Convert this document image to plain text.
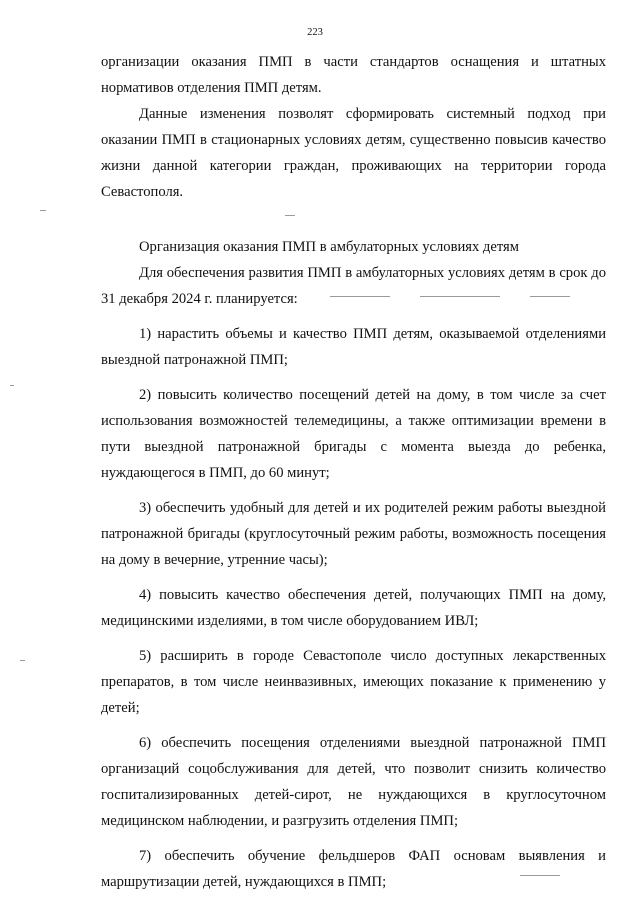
223

организации оказания ПМП в части стандартов оснащения и штатных нормативов отделения ПМП детям.

Данные изменения позволят сформировать системный подход при оказании ПМП в стационарных условиях детям, существенно повысив качество жизни данной категории граждан, проживающих на территории города Севастополя.

Организация оказания ПМП в амбулаторных условиях детям

Для обеспечения развития ПМП в амбулаторных условиях детям в срок до 31 декабря 2024 г. планируется:

1) нарастить объемы и качество ПМП детям, оказываемой отделениями выездной патронажной ПМП;

2) повысить количество посещений детей на дому, в том числе за счет использования возможностей телемедицины, а также оптимизации времени в пути выездной патронажной бригады с момента выезда до ребенка, нуждающегося в ПМП, до 60 минут;

3) обеспечить удобный для детей и их родителей режим работы выездной патронажной бригады (круглосуточный режим работы, возможность посещения на дому в вечерние, утренние часы);

4) повысить качество обеспечения детей, получающих ПМП на дому, медицинскими изделиями, в том числе оборудованием ИВЛ;

5) расширить в городе Севастополе число доступных лекарственных препаратов, в том числе неинвазивных, имеющих показание к применению у детей;

6) обеспечить посещения отделениями выездной патронажной ПМП организаций соцобслуживания для детей, что позволит снизить количество госпитализированных детей-сирот, не нуждающихся в круглосуточном медицинском наблюдении, и разгрузить отделения ПМП;

7) обеспечить обучение фельдшеров ФАП основам выявления и маршрутизации детей, нуждающихся в ПМП;
